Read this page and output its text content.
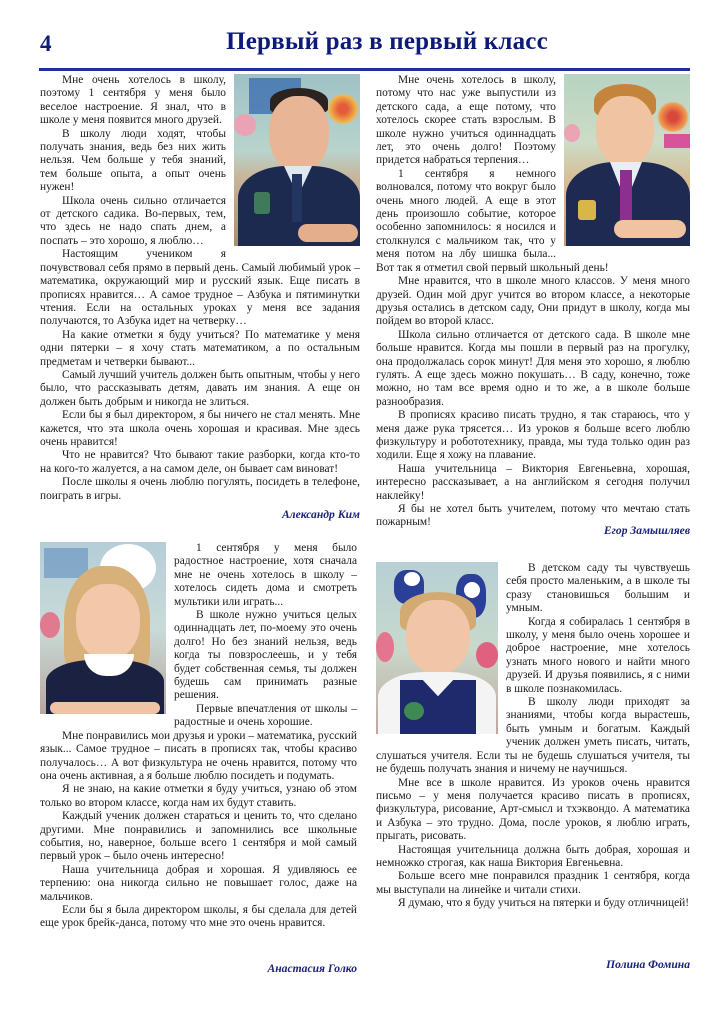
4	Первый раз в первый класс

Мне очень хотелось в школу, поэтому 1 сентября у меня было веселое настроение. Я знал, что в школе у меня появится много друзей.

В школу люди ходят, чтобы получать знания, ведь без них жить нельзя. Чем больше у тебя знаний, тем больше опыта, а опыт очень нужен!

Школа очень сильно отличается от детского садика. Во-первых, тем, что здесь не надо спать днем, а поспать – это хорошо, я люблю…

Настоящим учеником я почувствовал себя прямо в первый день. Самый любимый урок – математика, окружающий мир и русский язык. Еще писать в прописях нравится… А самое трудное – Азбука и пятиминутки чтения. Если на остальных уроках у меня все задания получаются, то Азбука идет на четверку…

На какие отметки я буду учиться? По математике у меня одни пятерки – я хочу стать математиком, а по остальным предметам и четверки бывают...

Самый лучший учитель должен быть опытным, чтобы у него было, что рассказывать детям, давать им знания. А еще он должен быть добрым и никогда не злиться.

Если бы я был директором, я бы ничего не стал менять. Мне кажется, что эта школа очень хорошая и красивая. Мне здесь очень нравится!

Что не нравится? Что бывают такие разборки, когда кто-то на кого-то жалуется, а на самом деле, он бывает сам виноват!

После школы я очень люблю погулять, посидеть в телефоне, поиграть в игры.

Александр Ким

Мне очень хотелось в школу, потому что нас уже выпустили из детского сада, а еще потому, что хотелось скорее стать взрослым. В школе нужно учиться одиннадцать лет, это очень долго! Поэтому придется набраться терпения…

1 сентября я немного волновался, потому что вокруг было очень много людей. А еще в этот день произошло событие, которое особенно запомнилось: я носился и столкнулся с мальчиком так, что у меня потом на лбу шишка была... Вот так я отметил свой первый школьный день!

Мне нравится, что в школе много классов. У меня много друзей. Один мой друг учится во втором классе, а некоторые друзья остались в детском саду, Они придут в школу, когда мы пойдем во второй класс.

Школа сильно отличается от детского сада. В школе мне больше нравится. Когда мы пошли в первый раз на прогулку, она продолжалась сорок минут! Для меня это хорошо, я люблю гулять. А еще здесь можно покушать… В саду, конечно, тоже можно, но там все время одно и то же, а в школе больше разнообразия.

В прописях красиво писать трудно, я так стараюсь, что у меня даже рука трясется… Из уроков я больше всего люблю физкультуру и робототехнику, правда, мы туда только один раз ходили. Еще я хожу на плавание.

Наша учительница – Виктория Евгеньевна, хорошая, интересно рассказывает, а на английском я сегодня получил наклейку!

Я бы не хотел быть учителем, потому что мечтаю стать пожарным!

Егор Замышляев

1 сентября у меня было радостное настроение, хотя сначала мне не очень хотелось в школу – хотелось сидеть дома и смотреть мультики или играть...

В школе нужно учиться целых одиннадцать лет, по-моему это очень долго! Но без знаний нельзя, ведь когда ты повзрослеешь, и у тебя будет собственная семья, ты должен будешь сам принимать разные решения.

Первые впечатления от школы – радостные и очень хорошие.

Мне понравились мои друзья и уроки – математика, русский язык... Самое трудное – писать в прописях так, чтобы красиво получалось… А вот физкультура не очень нравится, потому что она очень активная, а я больше люблю посидеть и подумать.

Я не знаю, на какие отметки я буду учиться, узнаю об этом только во втором классе, когда нам их будут ставить.

Каждый ученик должен стараться и ценить то, что сделано другими. Мне понравились и запомнились все школьные события, но, наверное, больше всего 1 сентября и мой самый первый урок – было очень интересно!

Наша учительница добрая и хорошая. Я удивляюсь ее терпению: она никогда сильно не повышает голос, даже на мальчиков.

Если бы я была директором школы, я бы сделала для детей еще урок брейк-данса, потому что мне это очень нравится.

Анастасия Голко

В детском саду ты чувствуешь себя просто маленьким, а в школе ты сразу становишься большим и умным.

Когда я собиралась 1 сентября в школу, у меня было очень хорошее и доброе настроение, мне хотелось узнать много нового и найти много друзей. И друзья появились, я с ними в школе познакомилась.

В школу люди приходят за знаниями, чтобы когда вырастешь, быть умным и богатым. Каждый ученик должен уметь писать, читать, слушаться учителя. Если ты не будешь слушаться учителя, ты не будешь получать знания и ничему не научишься.

Мне все в школе нравится. Из уроков очень нравится письмо – у меня получается красиво писать в прописях, физкультура, рисование, Арт-смысл и тхэквондо. А математика и Азбука – это трудно. Дома, после уроков, я люблю играть, прыгать, рисовать.

Настоящая учительница должна быть добрая, хорошая и немножко строгая, как наша Виктория Евгеньевна.

Больше всего мне понравился праздник 1 сентября, когда мы выступали на линейке и читали стихи.

Я думаю, что я буду учиться на пятерки и буду отличницей!

Полина Фомина
